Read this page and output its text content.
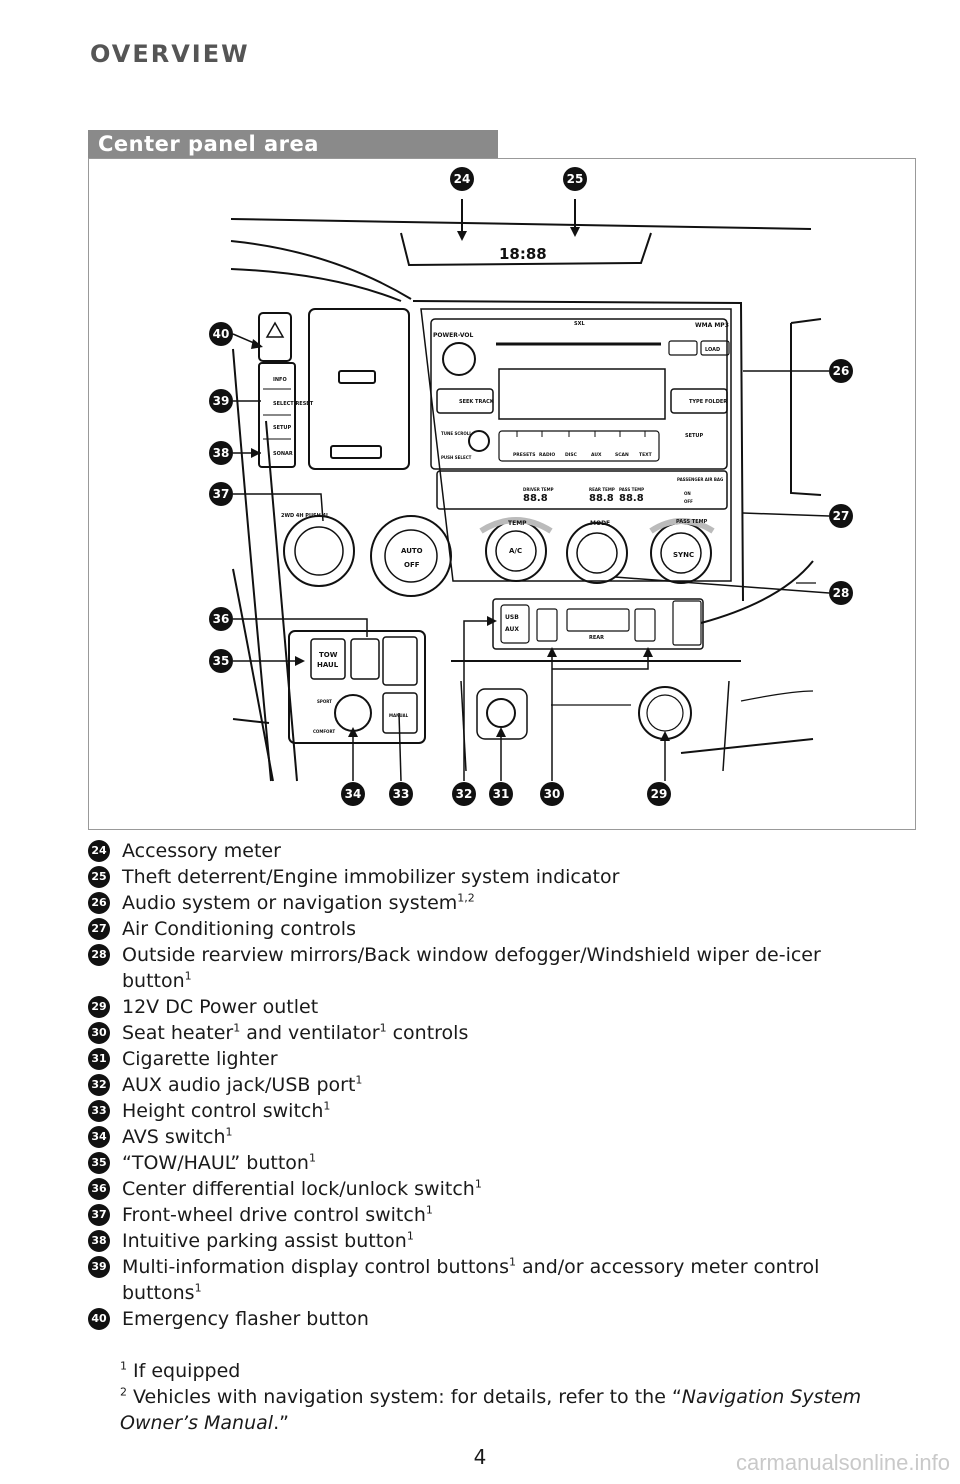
OVERVIEW
Center panel area
18:88
POWER-VOL
SXL	WMA MP3
LOAD
SEEK TRACK	TYPE FOLDER
TUNE SCROLL
PUSH SELECT
SETUP
PRESETS RADIO DISC	AUX	SCAN TEXT
INFO
SELECT RESET
SETUP
SONAR
DRIVER TEMP	REAR TEMP PASS TEMP
88.8	88.8 88.8
PASSENGER AIR BAG
ON
OFF
TEMP	MODE	PASS TEMP
A/C	SYNC
AUTO
OFF
2WD 4H PUSH 4L
USB
AUX
REAR
TOW
HAUL
SPORT
COMFORT
MANUAL
24	25
26
27
28
29
30
31
32
33
34
35
36
37
38
39
40
24 Accessory meter
25 Theft deterrent/Engine immobilizer system indicator
26 Audio system or navigation system$^{1,2}$
27 Air Conditioning controls
28 Outside rearview mirrors/Back window defogger/Windshield wiper de-icer button$^1$
29 12V DC Power outlet
30 Seat heater$^1$ and ventilator$^1$ controls
31 Cigarette lighter
32 AUX audio jack/USB port$^1$
33 Height control switch$^1$
34 AVS switch$^1$
35 “TOW/HAUL” button$^1$
36 Center differential lock/unlock switch$^1$
37 Front-wheel drive control switch$^1$
38 Intuitive parking assist button$^1$
39 Multi-information display control buttons$^1$ and/or accessory meter control buttons$^1$
40 Emergency flasher button
$^1$ If equipped
$^2$ Vehicles with navigation system: for details, refer to the “Navigation System Owner’s Manual.”
4	carmanualsonline.info
